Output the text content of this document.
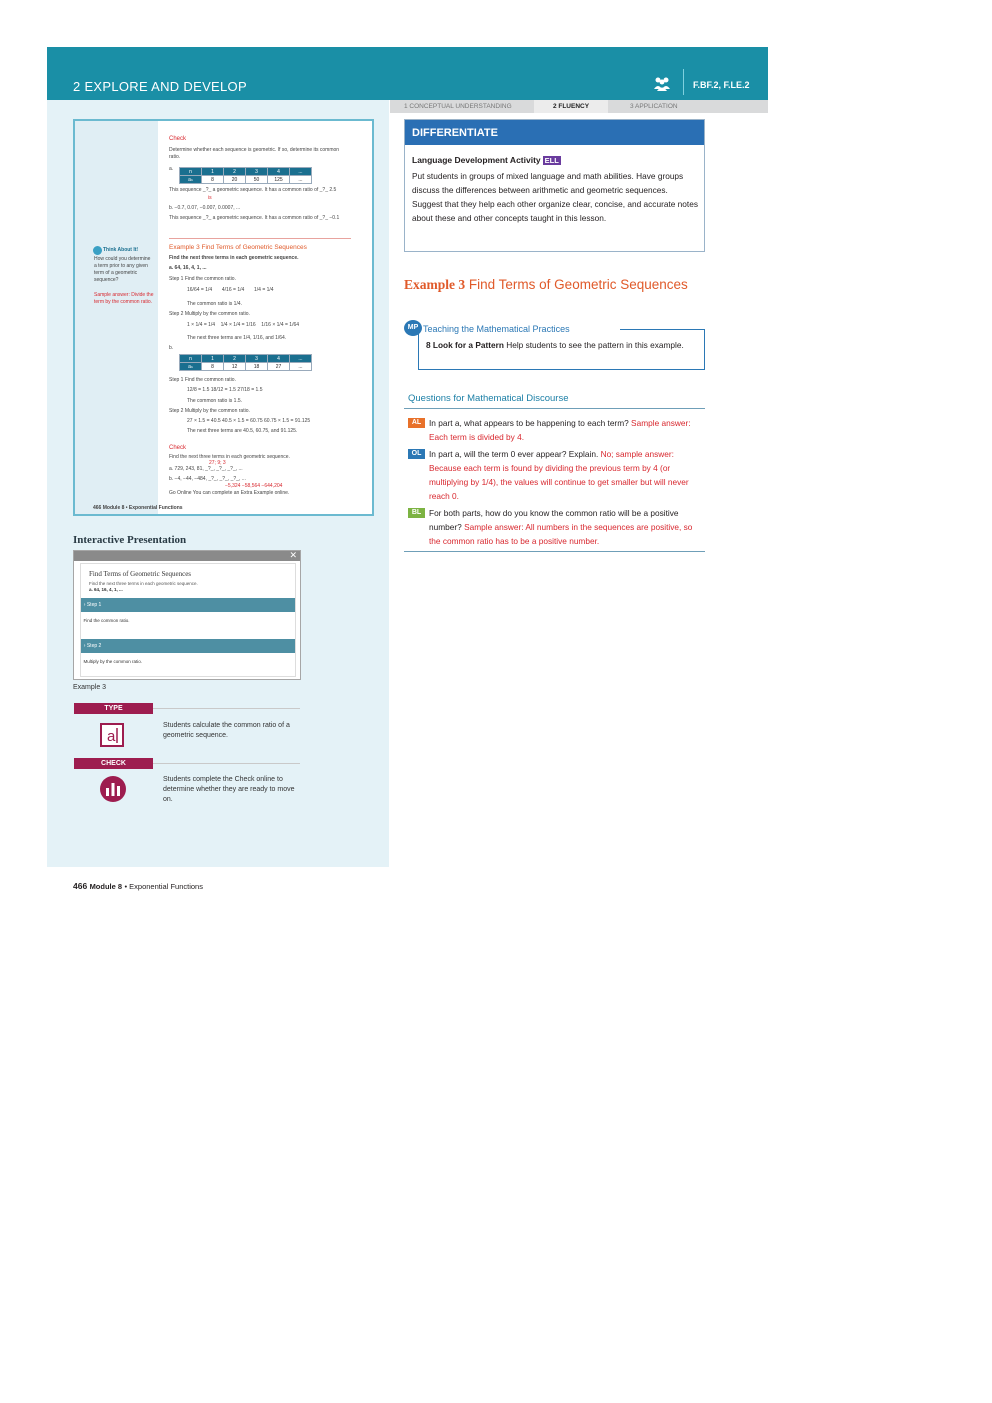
2 EXPLORE AND DEVELOP	F.BF.2, F.LE.2
1 CONCEPTUAL UNDERSTANDING	2 FLUENCY	3 APPLICATION
Check
Determine whether each sequence is geometric. If so, determine its common ratio.
a.	n	1	2	3	4	...
aₙ	8	20	50	125	...
This sequence _?_ a geometric sequence. It has a common ratio of _?_ 2.5
is
b. −0.7, 0.07, −0.007, 0.0007, ...
This sequence _?_ a geometric sequence. It has a common ratio of _?_ −0.1
Think About It!
How could you determine a term prior to any given term of a geometric sequence?
Sample answer: Divide the term by the common ratio.
Example 3 Find Terms of Geometric Sequences
Find the next three terms in each geometric sequence.
a. 64, 16, 4, 1, ...
Step 1 Find the common ratio.
16/64 = 1/4       4/16 = 1/4       1/4 = 1/4
The common ratio is 1/4.
Step 2 Multiply by the common ratio.
1 × 1/4 = 1/4    1/4 × 1/4 = 1/16    1/16 × 1/4 = 1/64
The next three terms are 1/4, 1/16, and 1/64.
b.
n	1	2	3	4	...
aₙ	8	12	18	27	...
Step 1 Find the common ratio.
12/8 = 1.5 18/12 = 1.5 27/18 = 1.5
The common ratio is 1.5.
Step 2 Multiply by the common ratio.
27 × 1.5 = 40.5 40.5 × 1.5 = 60.75 60.75 × 1.5 = 91.125
The next three terms are 40.5, 60.75, and 91.125.
Check
Find the next three terms in each geometric sequence.
27; 9; 3
a. 729, 243, 81, _?_, _?_, _?_, ...
b. −4, −44, −484, _?_, _?_, _?_, ...
−5,324 −58,564 −644,204
Go Online You can complete an Extra Example online.
466 Module 8 • Exponential Functions
Interactive Presentation
✕
Find Terms of Geometric Sequences
Find the next three terms in each geometric sequence.
a. 64, 16, 4, 1, ...
› Step 1
Find the common ratio.
› Step 2
Multiply by the common ratio.
Example 3
TYPE
a
Students calculate the common ratio of a geometric sequence.
CHECK
Students complete the Check online to determine whether they are ready to move on.
466 Module 8 • Exponential Functions
DIFFERENTIATE
Language Development Activity ELL
Put students in groups of mixed language and math abilities. Have groups discuss the differences between arithmetic and geometric sequences. Suggest that they help each other organize clear, concise, and accurate notes about these and other concepts taught in this lesson.
Example 3 Find Terms of Geometric Sequences
MP Teaching the Mathematical Practices
8 Look for a Pattern Help students to see the pattern in this example.
Questions for Mathematical Discourse
AL In part a, what appears to be happening to each term? Sample answer: Each term is divided by 4.
OL In part a, will the term 0 ever appear? Explain. No; sample answer: Because each term is found by dividing the previous term by 4 (or multiplying by 1/4), the values will continue to get smaller but will never reach 0.
BL For both parts, how do you know the common ratio will be a positive number? Sample answer: All numbers in the sequences are positive, so the common ratio has to be a positive number.
